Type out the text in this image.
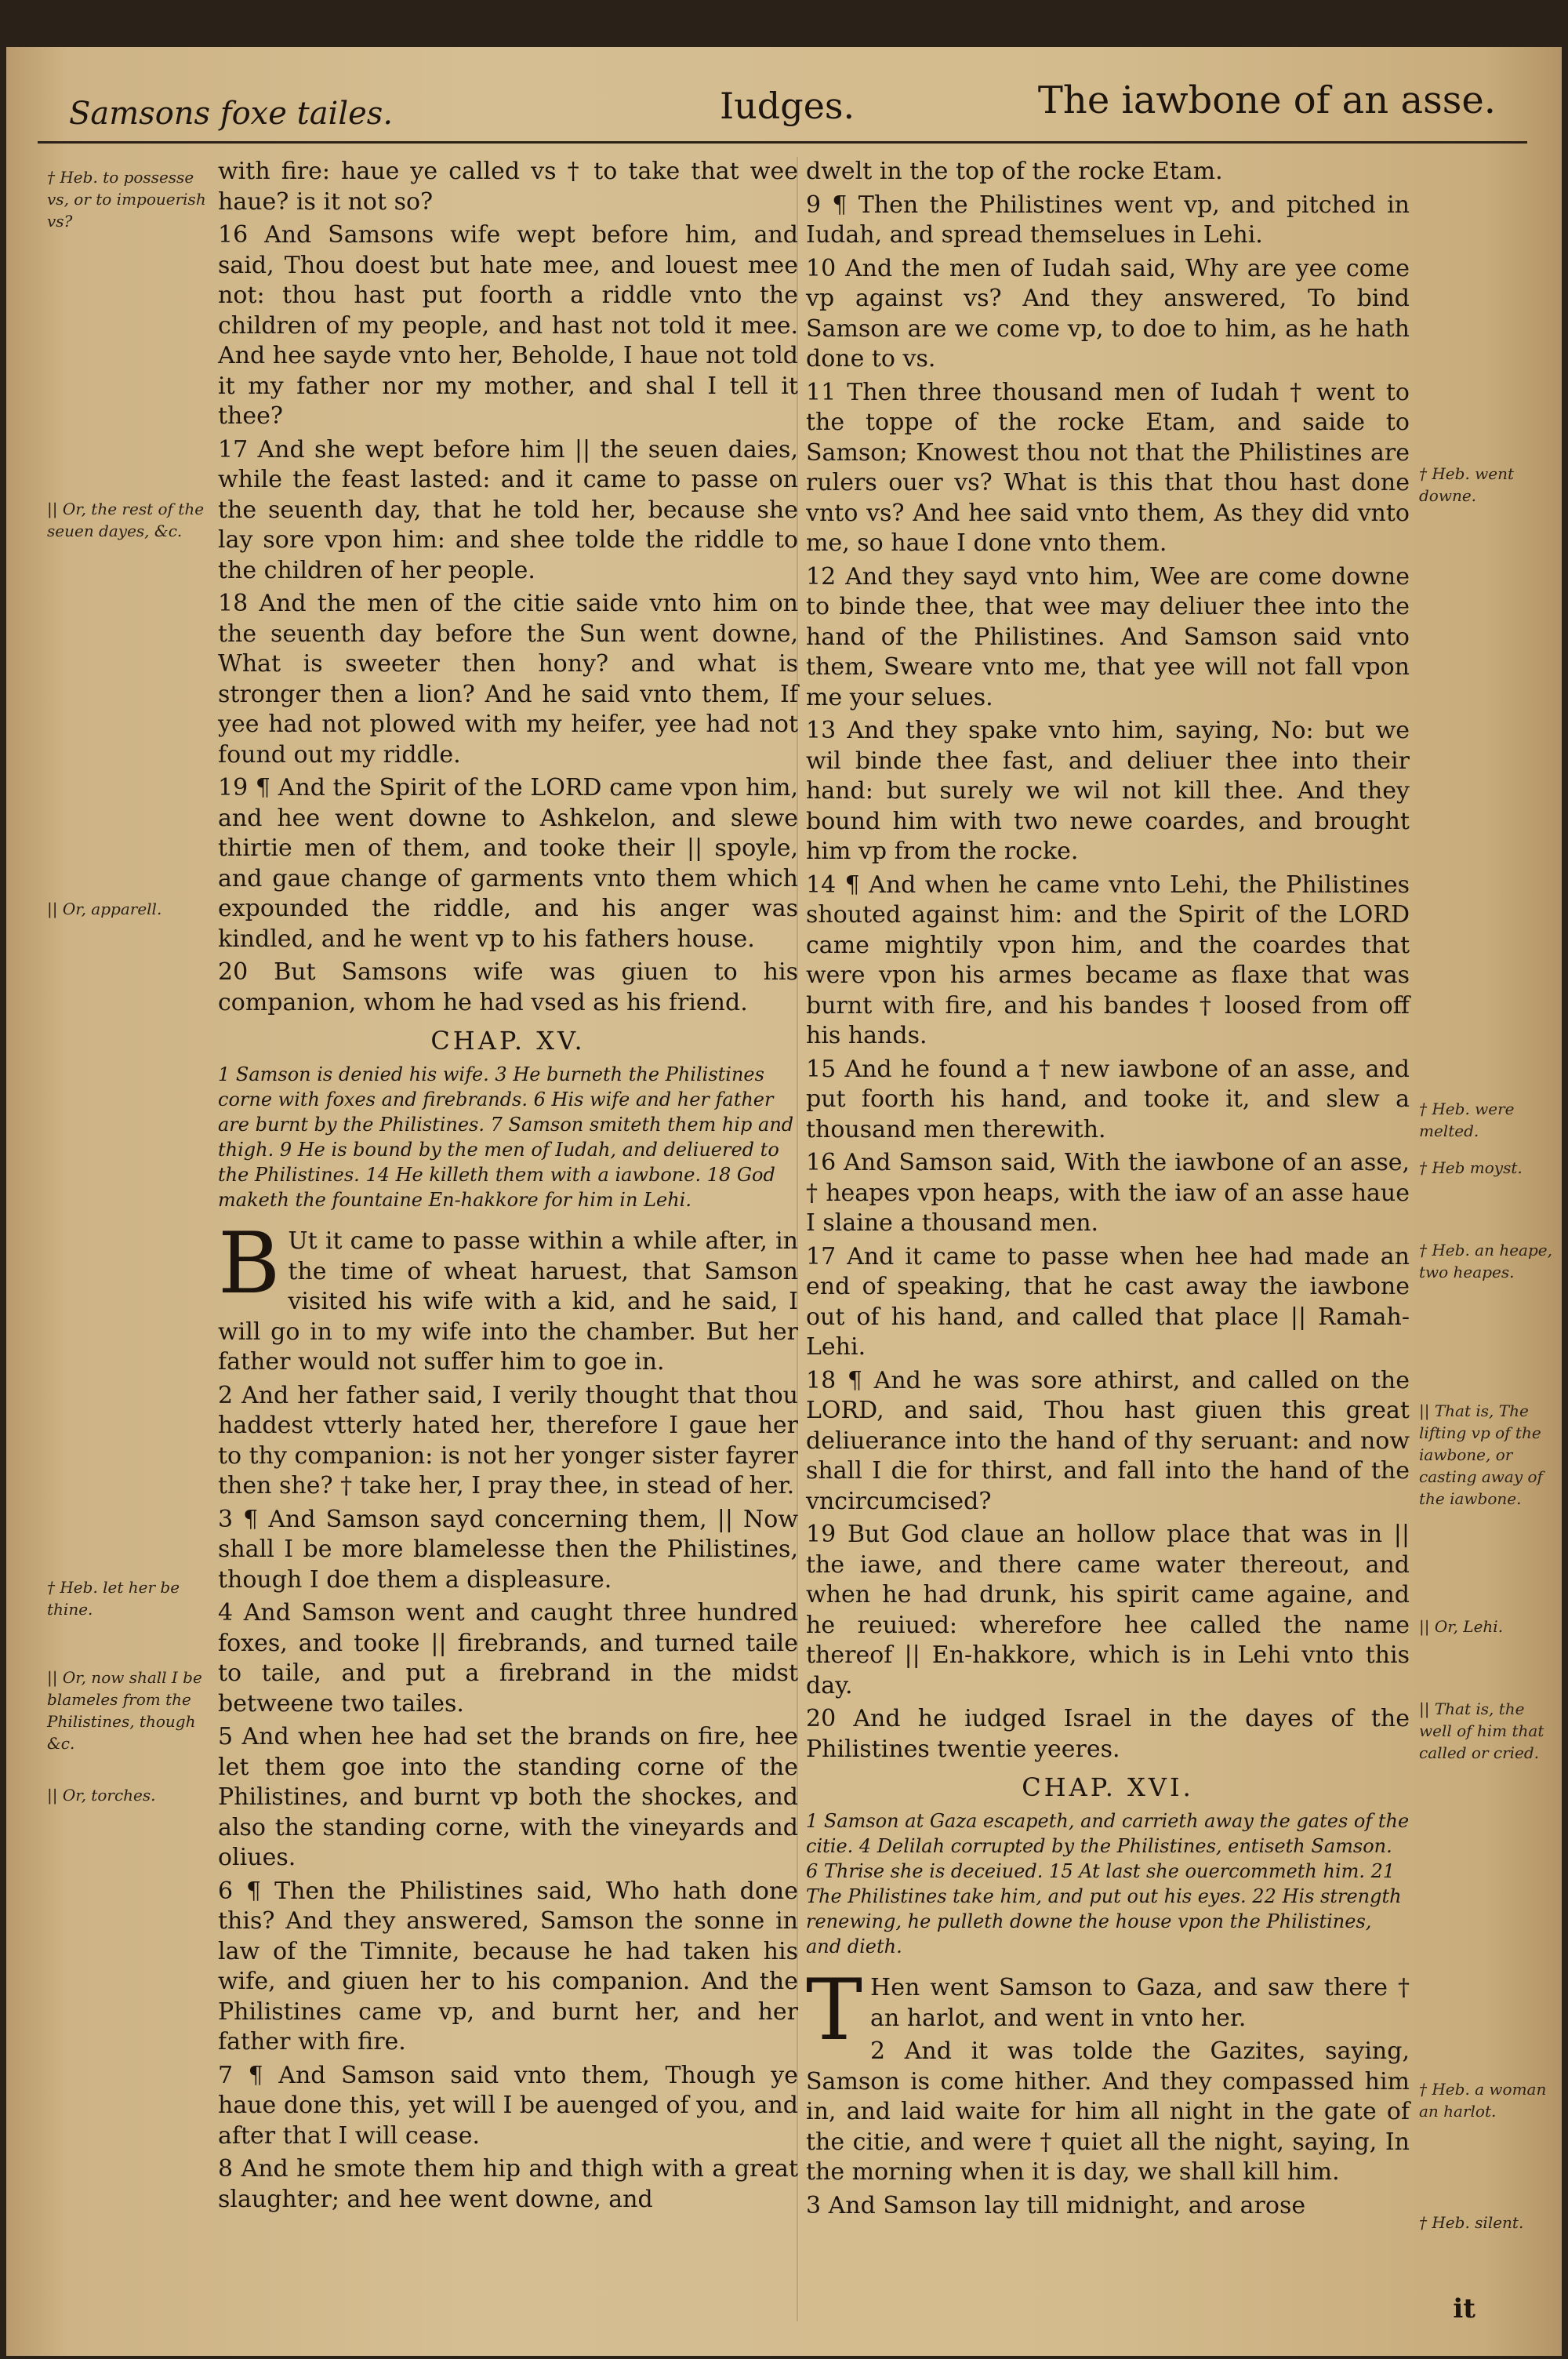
Samsons foxe tailes.	Iudges.	The iawbone of an asse.
† Heb. to possesse vs, or to impouerish vs?
|| Or, the rest of the seuen dayes, &c.
|| Or, apparell.
† Heb. let her be thine.
|| Or, now shall I be blameles from the Philistines, though &c.
|| Or, torches.
† Heb. went downe.
† Heb. were melted.
† Heb moyst.
† Heb. an heape, two heapes.
|| That is, The lifting vp of the iawbone, or casting away of the iawbone.
|| Or, Lehi.
|| That is, the well of him that called or cried.
† Heb. a woman an harlot.
† Heb. silent.

with fire: haue ye called vs † to take that wee haue? is it not so?

16 And Samsons wife wept before him, and said, Thou doest but hate mee, and louest mee not: thou hast put foorth a riddle vnto the children of my people, and hast not told it mee. And hee sayde vnto her, Beholde, I haue not told it my father nor my mother, and shal I tell it thee?

17 And she wept before him || the seuen daies, while the feast lasted: and it came to passe on the seuenth day, that he told her, because she lay sore vpon him: and shee tolde the riddle to the children of her people.

18 And the men of the citie saide vnto him on the seuenth day before the Sun went downe, What is sweeter then hony? and what is stronger then a lion? And he said vnto them, If yee had not plowed with my heifer, yee had not found out my riddle.

19 ¶ And the Spirit of the LORD came vpon him, and hee went downe to Ashkelon, and slewe thirtie men of them, and tooke their || spoyle, and gaue change of garments vnto them which expounded the riddle, and his anger was kindled, and he went vp to his fathers house.

20 But Samsons wife was giuen to his companion, whom he had vsed as his friend.

CHAP. XV.
1 Samson is denied his wife. 3 He burneth the Philistines corne with foxes and firebrands. 6 His wife and her father are burnt by the Philistines. 7 Samson smiteth them hip and thigh. 9 He is bound by the men of Iudah, and deliuered to the Philistines. 14 He killeth them with a iawbone. 18 God maketh the fountaine En-hakkore for him in Lehi.

B Ut it came to passe within a while after, in the time of wheat haruest, that Samson visited his wife with a kid, and he said, I will go in to my wife into the chamber. But her father would not suffer him to goe in.

2 And her father said, I verily thought that thou haddest vtterly hated her, therefore I gaue her to thy companion: is not her yonger sister fayrer then she? † take her, I pray thee, in stead of her.

3 ¶ And Samson sayd concerning them, || Now shall I be more blamelesse then the Philistines, though I doe them a displeasure.

4 And Samson went and caught three hundred foxes, and tooke || firebrands, and turned taile to taile, and put a firebrand in the midst betweene two tailes.

5 And when hee had set the brands on fire, hee let them goe into the standing corne of the Philistines, and burnt vp both the shockes, and also the standing corne, with the vineyards and oliues.

6 ¶ Then the Philistines said, Who hath done this? And they answered, Samson the sonne in law of the Timnite, because he had taken his wife, and giuen her to his companion. And the Philistines came vp, and burnt her, and her father with fire.

7 ¶ And Samson said vnto them, Though ye haue done this, yet will I be auenged of you, and after that I will cease.

8 And he smote them hip and thigh with a great slaughter; and hee went downe, and

dwelt in the top of the rocke Etam.

9 ¶ Then the Philistines went vp, and pitched in Iudah, and spread themselues in Lehi.

10 And the men of Iudah said, Why are yee come vp against vs? And they answered, To bind Samson are we come vp, to doe to him, as he hath done to vs.

11 Then three thousand men of Iudah † went to the toppe of the rocke Etam, and saide to Samson; Knowest thou not that the Philistines are rulers ouer vs? What is this that thou hast done vnto vs? And hee said vnto them, As they did vnto me, so haue I done vnto them.

12 And they sayd vnto him, Wee are come downe to binde thee, that wee may deliuer thee into the hand of the Philistines. And Samson said vnto them, Sweare vnto me, that yee will not fall vpon me your selues.

13 And they spake vnto him, saying, No: but we wil binde thee fast, and deliuer thee into their hand: but surely we wil not kill thee. And they bound him with two newe coardes, and brought him vp from the rocke.

14 ¶ And when he came vnto Lehi, the Philistines shouted against him: and the Spirit of the LORD came mightily vpon him, and the coardes that were vpon his armes became as flaxe that was burnt with fire, and his bandes † loosed from off his hands.

15 And he found a † new iawbone of an asse, and put foorth his hand, and tooke it, and slew a thousand men therewith.

16 And Samson said, With the iawbone of an asse, † heapes vpon heaps, with the iaw of an asse haue I slaine a thousand men.

17 And it came to passe when hee had made an end of speaking, that he cast away the iawbone out of his hand, and called that place || Ramah-Lehi.

18 ¶ And he was sore athirst, and called on the LORD, and said, Thou hast giuen this great deliuerance into the hand of thy seruant: and now shall I die for thirst, and fall into the hand of the vncircumcised?

19 But God claue an hollow place that was in || the iawe, and there came water thereout, and when he had drunk, his spirit came againe, and he reuiued: wherefore hee called the name thereof || En-hakkore, which is in Lehi vnto this day.

20 And he iudged Israel in the dayes of the Philistines twentie yeeres.

CHAP. XVI.
1 Samson at Gaza escapeth, and carrieth away the gates of the citie. 4 Delilah corrupted by the Philistines, entiseth Samson. 6 Thrise she is deceiued. 15 At last she ouercommeth him. 21 The Philistines take him, and put out his eyes. 22 His strength renewing, he pulleth downe the house vpon the Philistines, and dieth.

T Hen went Samson to Gaza, and saw there † an harlot, and went in vnto her.

2 And it was tolde the Gazites, saying, Samson is come hither. And they compassed him in, and laid waite for him all night in the gate of the citie, and were † quiet all the night, saying, In the morning when it is day, we shall kill him.

3 And Samson lay till midnight, and arose

it
